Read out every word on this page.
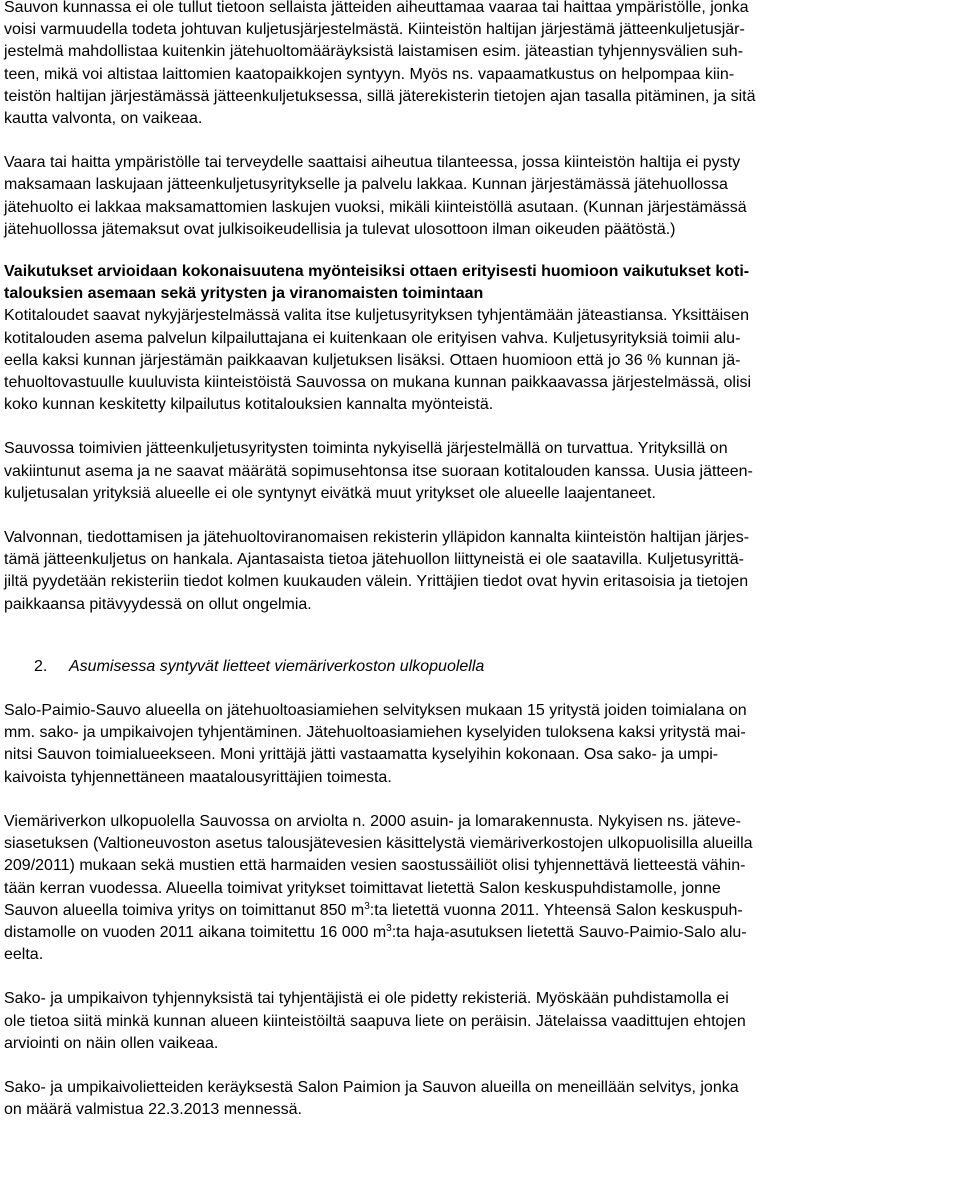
Sauvon kunnassa ei ole tullut tietoon sellaista jätteiden aiheuttamaa vaaraa tai haittaa ympäristölle, jonka
voisi varmuudella todeta johtuvan kuljetusjärjestelmästä. Kiinteistön haltijan järjestämä jätteenkuljetusjär-
jestelmä mahdollistaa kuitenkin jätehuoltomääräyksistä laistamisen esim. jäteastian tyhjennysvälien suh-
teen, mikä voi altistaa laittomien kaatopaikkojen syntyyn. Myös ns. vapaamatkustus on helpompaa kiin-
teistön haltijan järjestämässä jätteenkuljetuksessa, sillä jäterekisterin tietojen ajan tasalla pitäminen, ja sitä
kautta valvonta, on vaikeaa.

Vaara tai haitta ympäristölle tai terveydelle saattaisi aiheutua tilanteessa, jossa kiinteistön haltija ei pysty
maksamaan laskujaan jätteenkuljetusyritykselle ja palvelu lakkaa. Kunnan järjestämässä jätehuollossa
jätehuolto ei lakkaa maksamattomien laskujen vuoksi, mikäli kiinteistöllä asutaan. (Kunnan järjestämässä
jätehuollossa jätemaksut ovat julkisoikeudellisia ja tulevat ulosottoon ilman oikeuden päätöstä.)

Vaikutukset arvioidaan kokonaisuutena myönteisiksi ottaen erityisesti huomioon vaikutukset koti-
talouksien asemaan sekä yritysten ja viranomaisten toimintaan

Kotitaloudet saavat nykyjärjestelmässä valita itse kuljetusyrityksen tyhjentämään jäteastiansa. Yksittäisen
kotitalouden asema palvelun kilpailuttajana ei kuitenkaan ole erityisen vahva. Kuljetusyrityksiä toimii alu-
eella kaksi kunnan järjestämän paikkaavan kuljetuksen lisäksi. Ottaen huomioon että jo 36 % kunnan jä-
tehuoltovastuulle kuuluvista kiinteistöistä Sauvossa on mukana kunnan paikkaavassa järjestelmässä, olisi
koko kunnan keskitetty kilpailutus kotitalouksien kannalta myönteistä.

Sauvossa toimivien jätteenkuljetusyritysten toiminta nykyisellä järjestelmällä on turvattua. Yrityksillä on
vakiintunut asema ja ne saavat määrätä sopimusehtonsa itse suoraan kotitalouden kanssa. Uusia jätteen-
kuljetusalan yrityksiä alueelle ei ole syntynyt eivätkä muut yritykset ole alueelle laajentaneet.

Valvonnan, tiedottamisen ja jätehuoltoviranomaisen rekisterin ylläpidon kannalta kiinteistön haltijan järjes-
tämä jätteenkuljetus on hankala. Ajantasaista tietoa jätehuollon liittyneistä ei ole saatavilla. Kuljetusyrittä-
jiltä pyydetään rekisteriin tiedot kolmen kuukauden välein. Yrittäjien tiedot ovat hyvin eritasoisia ja tietojen
paikkaansa pitävyydessä on ollut ongelmia.

2. Asumisessa syntyvät lietteet viemäriverkoston ulkopuolella

Salo-Paimio-Sauvo alueella on jätehuoltoasiamiehen selvityksen mukaan 15 yritystä joiden toimialana on
mm. sako- ja umpikaivojen tyhjentäminen. Jätehuoltoasiamiehen kyselyiden tuloksena kaksi yritystä mai-
nitsi Sauvon toimialueekseen. Moni yrittäjä jätti vastaamatta kyselyihin kokonaan. Osa sako- ja umpi-
kaivoista tyhjennettäneen maatalousyrittäjien toimesta.

Viemäriverkon ulkopuolella Sauvossa on arviolta n. 2000 asuin- ja lomarakennusta. Nykyisen ns. jäteve-
siasetuksen (Valtioneuvoston asetus talousjätevesien käsittelystä viemäriverkostojen ulkopuolisilla alueilla
209/2011) mukaan sekä mustien että harmaiden vesien saostussäiliöt olisi tyhjennettävä lietteestä vähin-
tään kerran vuodessa. Alueella toimivat yritykset toimittavat lietettä Salon keskuspuhdistamolle, jonne
Sauvon alueella toimiva yritys on toimittanut 850 $m^3:ta$ lietettä vuonna 2011. Yhteensä Salon keskuspuh-
distamolle on vuoden 2011 aikana toimitettu 16 000 $m^3:ta$ haja-asutuksen lietettä Sauvo-Paimio-Salo alu-
eelta.

Sako- ja umpikaivon tyhjennyksistä tai tyhjentäjistä ei ole pidetty rekisteriä. Myöskään puhdistamolla ei
ole tietoa siitä minkä kunnan alueen kiinteistöiltä saapuva liete on peräisin. Jätelaissa vaadittujen ehtojen
arviointi on näin ollen vaikeaa.

Sako- ja umpikaivolietteiden keräyksestä Salon Paimion ja Sauvon alueilla on meneillään selvitys, jonka
on määrä valmistua 22.3.2013 mennessä.
